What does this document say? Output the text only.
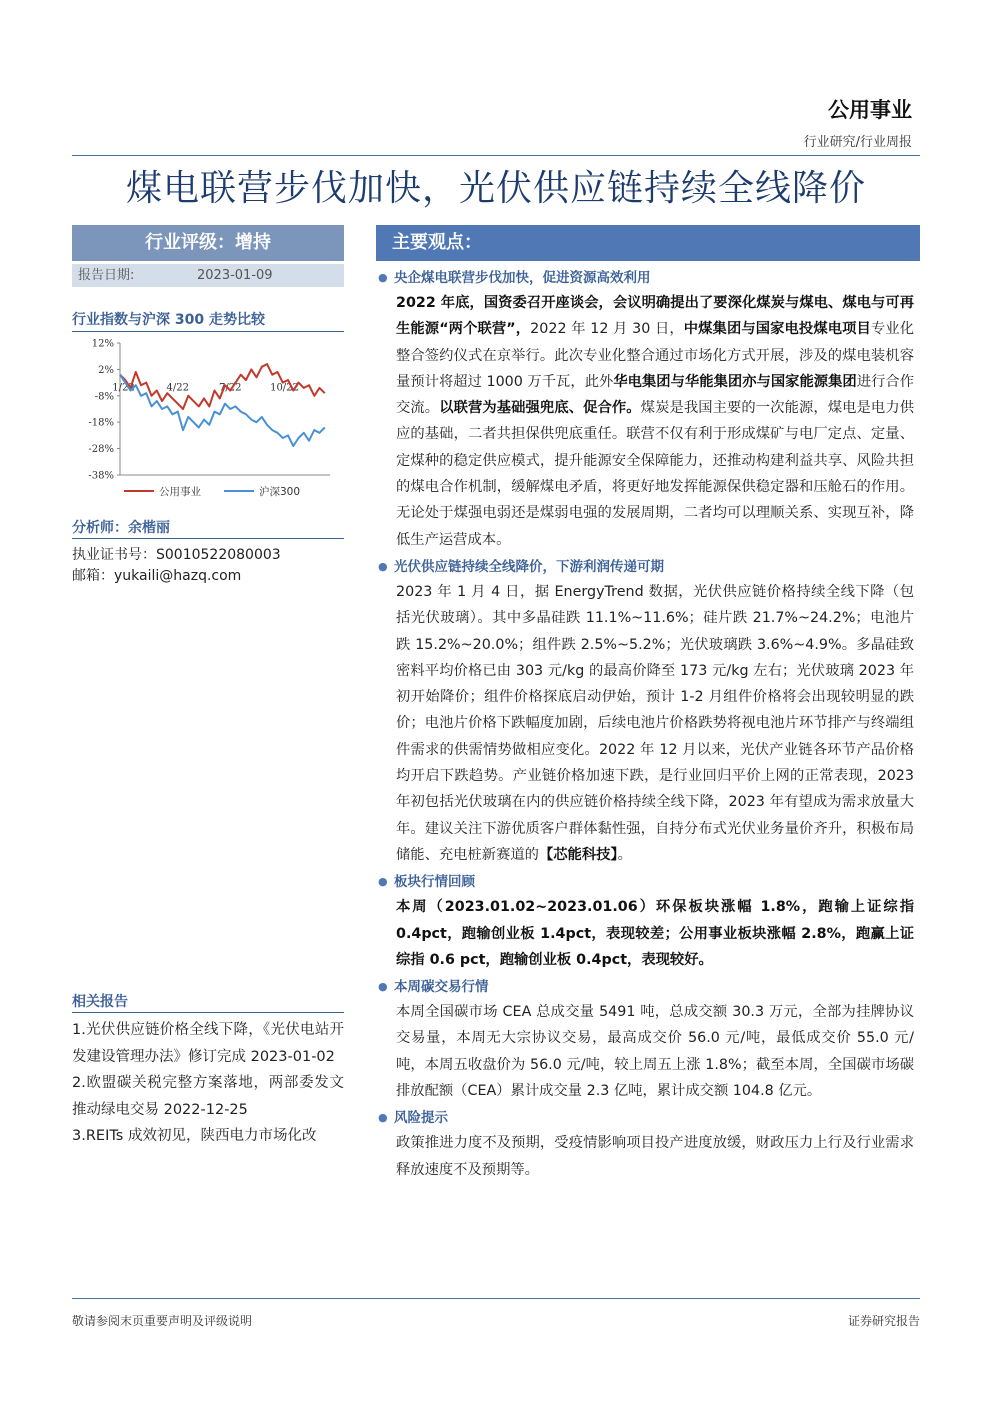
公用事业
行业研究/行业周报
煤电联营步伐加快，光伏供应链持续全线降价
行业评级：增持
报告日期:	2023-01-09
行业指数与沪深 300 走势比较
12%
2%
-8%
-18%
-28%
-38%
1/22	4/22	7/22	10/22
公用事业	沪深300
分析师：余楷丽
执业证书号：S0010522080003
邮箱：yukaili@hazq.com
相关报告
1.光伏供应链价格全线下降，《光伏电站开发建设管理办法》修订完成 2023-01-02
2.欧盟碳关税完整方案落地，两部委发文推动绿电交易 2022-12-25
3.REITs 成效初见，陕西电力市场化改
主要观点：
● 央企煤电联营步伐加快，促进资源高效利用
2022 年底，国资委召开座谈会，会议明确提出了要深化煤炭与煤电、煤电与可再生能源“两个联营”，2022 年 12 月 30 日，中煤集团与国家电投煤电项目专业化整合签约仪式在京举行。此次专业化整合通过市场化方式开展，涉及的煤电装机容量预计将超过 1000 万千瓦，此外华电集团与华能集团亦与国家能源集团进行合作交流。以联营为基础强兜底、促合作。煤炭是我国主要的一次能源，煤电是电力供应的基础，二者共担保供兜底重任。联营不仅有利于形成煤矿与电厂定点、定量、定煤种的稳定供应模式，提升能源安全保障能力，还推动构建利益共享、风险共担的煤电合作机制，缓解煤电矛盾，将更好地发挥能源保供稳定器和压舱石的作用。无论处于煤强电弱还是煤弱电强的发展周期，二者均可以理顺关系、实现互补，降低生产运营成本。
● 光伏供应链持续全线降价，下游利润传递可期
2023 年 1 月 4 日，据 EnergyTrend 数据，光伏供应链价格持续全线下降（包括光伏玻璃）。其中多晶硅跌 11.1%~11.6%；硅片跌 21.7%~24.2%；电池片跌 15.2%~20.0%；组件跌 2.5%~5.2%；光伏玻璃跌 3.6%~4.9%。多晶硅致密料平均价格已由 303 元/kg 的最高价降至 173 元/kg 左右；光伏玻璃 2023 年初开始降价；组件价格探底启动伊始，预计 1-2 月组件价格将会出现较明显的跌价；电池片价格下跌幅度加剧，后续电池片价格跌势将视电池片环节排产与终端组件需求的供需情势做相应变化。2022 年 12 月以来，光伏产业链各环节产品价格均开启下跌趋势。产业链价格加速下跌，是行业回归平价上网的正常表现，2023 年初包括光伏玻璃在内的供应链价格持续全线下降，2023 年有望成为需求放量大年。建议关注下游优质客户群体黏性强，自持分布式光伏业务量价齐升，积极布局储能、充电桩新赛道的【芯能科技】。
● 板块行情回顾
本周（2023.01.02~2023.01.06）环保板块涨幅 1.8%，跑输上证综指 0.4pct，跑输创业板 1.4pct，表现较差；公用事业板块涨幅 2.8%，跑赢上证综指 0.6 pct，跑输创业板 0.4pct，表现较好。
● 本周碳交易行情
本周全国碳市场 CEA 总成交量 5491 吨，总成交额 30.3 万元，全部为挂牌协议交易量，本周无大宗协议交易，最高成交价 56.0 元/吨，最低成交价 55.0 元/吨，本周五收盘价为 56.0 元/吨，较上周五上涨 1.8%；截至本周，全国碳市场碳排放配额（CEA）累计成交量 2.3 亿吨，累计成交额 104.8 亿元。
● 风险提示
政策推进力度不及预期，受疫情影响项目投产进度放缓，财政压力上行及行业需求释放速度不及预期等。
敬请参阅末页重要声明及评级说明	证券研究报告
